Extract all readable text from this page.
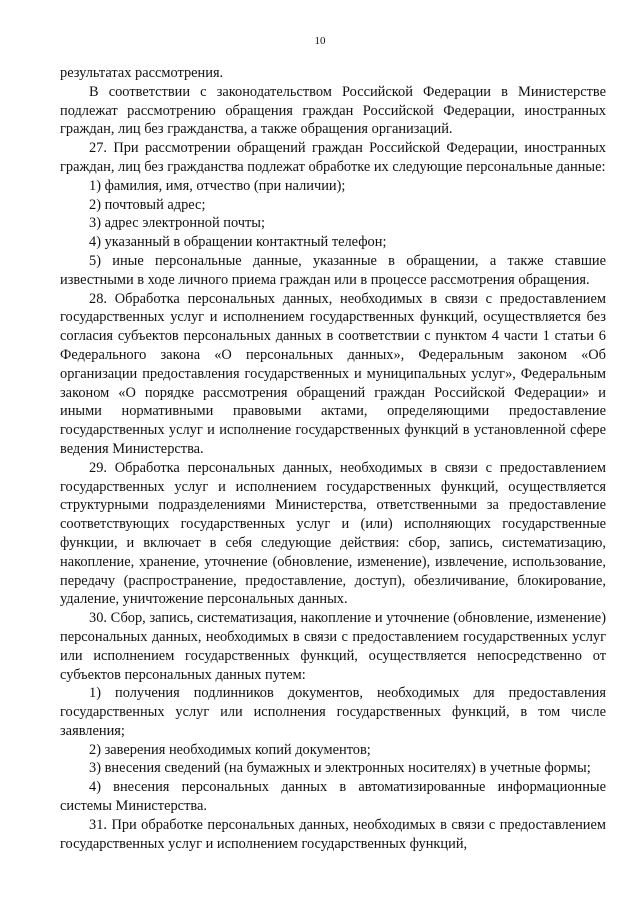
10

результатах рассмотрения.

В соответствии с законодательством Российской Федерации в Министерстве подлежат рассмотрению обращения граждан Российской Федерации, иностранных граждан, лиц без гражданства, а также обращения организаций.

27. При рассмотрении обращений граждан Российской Федерации, иностранных граждан, лиц без гражданства подлежат обработке их следующие персональные данные:

1) фамилия, имя, отчество (при наличии);

2) почтовый адрес;

3) адрес электронной почты;

4) указанный в обращении контактный телефон;

5) иные персональные данные, указанные в обращении, а также ставшие известными в ходе личного приема граждан или в процессе рассмотрения обращения.

28. Обработка персональных данных, необходимых в связи с предоставлением государственных услуг и исполнением государственных функций, осуществляется без согласия субъектов персональных данных в соответствии с пунктом 4 части 1 статьи 6 Федерального закона «О персональных данных», Федеральным законом «Об организации предоставления государственных и муниципальных услуг», Федеральным законом «О порядке рассмотрения обращений граждан Российской Федерации» и иными нормативными правовыми актами, определяющими предоставление государственных услуг и исполнение государственных функций в установленной сфере ведения Министерства.

29. Обработка персональных данных, необходимых в связи с предоставлением государственных услуг и исполнением государственных функций, осуществляется структурными подразделениями Министерства, ответственными за предоставление соответствующих государственных услуг и (или) исполняющих государственные функции, и включает в себя следующие действия: сбор, запись, систематизацию, накопление, хранение, уточнение (обновление, изменение), извлечение, использование, передачу (распространение, предоставление, доступ), обезличивание, блокирование, удаление, уничтожение персональных данных.

30. Сбор, запись, систематизация, накопление и уточнение (обновление, изменение) персональных данных, необходимых в связи с предоставлением государственных услуг или исполнением государственных функций, осуществляется непосредственно от субъектов персональных данных путем:

1) получения подлинников документов, необходимых для предоставления государственных услуг или исполнения государственных функций, в том числе заявления;

2) заверения необходимых копий документов;

3) внесения сведений (на бумажных и электронных носителях) в учетные формы;

4) внесения персональных данных в автоматизированные информационные системы Министерства.

31. При обработке персональных данных, необходимых в связи с предоставлением государственных услуг и исполнением государственных функций,
